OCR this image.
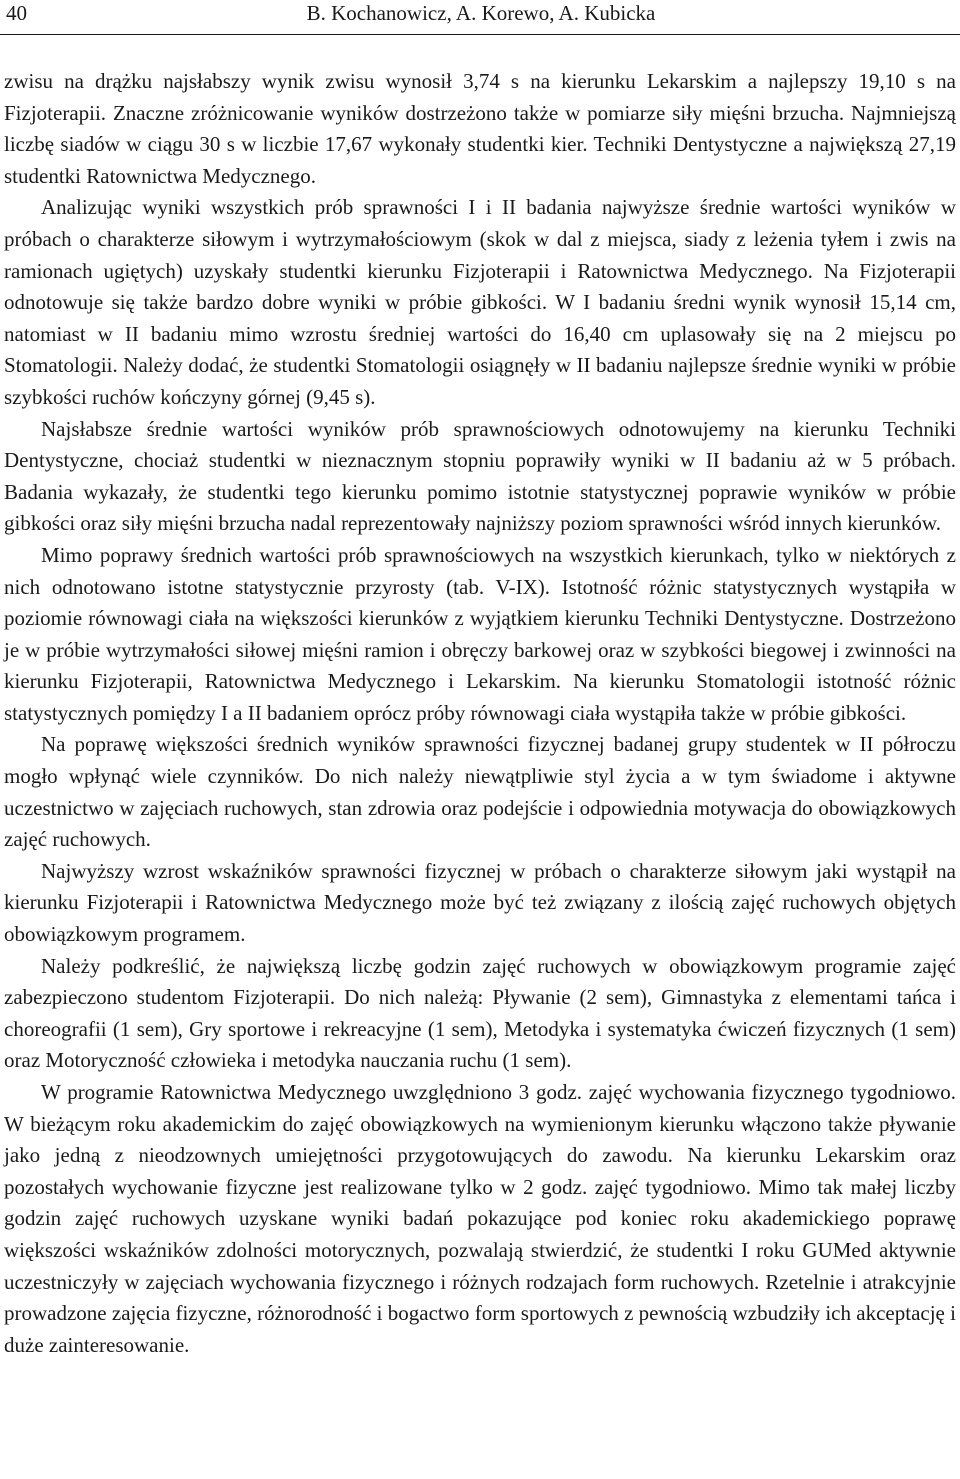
40	B. Kochanowicz, A. Korewo, A. Kubicka

zwisu na drążku najsłabszy wynik zwisu wynosił 3,74 s na kierunku Lekarskim a najlepszy 19,10 s na Fizjoterapii. Znaczne zróżnicowanie wyników dostrzeżono także w pomiarze siły mięśni brzucha. Najmniejszą liczbę siadów w ciągu 30 s w liczbie 17,67 wykonały studentki kier. Techniki Dentystyczne a największą 27,19 studentki Ratownictwa Medycznego.

Analizując wyniki wszystkich prób sprawności I i II badania najwyższe średnie wartości wyników w próbach o charakterze siłowym i wytrzymałościowym (skok w dal z miejsca, siady z leżenia tyłem i zwis na ramionach ugiętych) uzyskały studentki kierunku Fizjoterapii i Ratownictwa Medycznego. Na Fizjoterapii odnotowuje się także bardzo dobre wyniki w próbie gibkości. W I badaniu średni wynik wynosił 15,14 cm, natomiast w II badaniu mimo wzrostu średniej wartości do 16,40 cm uplasowały się na 2 miejscu po Stomatologii. Należy dodać, że studentki Stomatologii osiągnęły w II badaniu najlepsze średnie wyniki w próbie szybkości ruchów kończyny górnej (9,45 s).

Najsłabsze średnie wartości wyników prób sprawnościowych odnotowujemy na kierunku Techniki Dentystyczne, chociaż studentki w nieznacznym stopniu poprawiły wyniki w II badaniu aż w 5 próbach. Badania wykazały, że studentki tego kierunku pomimo istotnie statystycznej poprawie wyników w próbie gibkości oraz siły mięśni brzucha nadal reprezentowały najniższy poziom sprawności wśród innych kierunków.

Mimo poprawy średnich wartości prób sprawnościowych na wszystkich kierunkach, tylko w niektórych z nich odnotowano istotne statystycznie przyrosty (tab. V-IX). Istotność różnic statystycznych wystąpiła w poziomie równowagi ciała na większości kierunków z wyjątkiem kierunku Techniki Dentystyczne. Dostrzeżono je w próbie wytrzymałości siłowej mięśni ramion i obręczy barkowej oraz w szybkości biegowej i zwinności na kierunku Fizjoterapii, Ratownictwa Medycznego i Lekarskim. Na kierunku Stomatologii istotność różnic statystycznych pomiędzy I a II badaniem oprócz próby równowagi ciała wystąpiła także w próbie gibkości.

Na poprawę większości średnich wyników sprawności fizycznej badanej grupy studentek w II półroczu mogło wpłynąć wiele czynników. Do nich należy niewątpliwie styl życia a w tym świadome i aktywne uczestnictwo w zajęciach ruchowych, stan zdrowia oraz podejście i odpowiednia motywacja do obowiązkowych zajęć ruchowych.

Najwyższy wzrost wskaźników sprawności fizycznej w próbach o charakterze siłowym jaki wystąpił na kierunku Fizjoterapii i Ratownictwa Medycznego może być też związany z ilością zajęć ruchowych objętych obowiązkowym programem.

Należy podkreślić, że największą liczbę godzin zajęć ruchowych w obowiązkowym programie zajęć zabezpieczono studentom Fizjoterapii. Do nich należą: Pływanie (2 sem), Gimnastyka z elementami tańca i choreografii (1 sem), Gry sportowe i rekreacyjne (1 sem), Metodyka i systematyka ćwiczeń fizycznych (1 sem) oraz Motoryczność człowieka i metodyka nauczania ruchu (1 sem).

W programie Ratownictwa Medycznego uwzględniono 3 godz. zajęć wychowania fizycznego tygodniowo. W bieżącym roku akademickim do zajęć obowiązkowych na wymienionym kierunku włączono także pływanie jako jedną z nieodzownych umiejętności przygotowujących do zawodu. Na kierunku Lekarskim oraz pozostałych wychowanie fizyczne jest realizowane tylko w 2 godz. zajęć tygodniowo. Mimo tak małej liczby godzin zajęć ruchowych uzyskane wyniki badań pokazujące pod koniec roku akademickiego poprawę większości wskaźników zdolności motorycznych, pozwalają stwierdzić, że studentki I roku GUMed aktywnie uczestniczyły w zajęciach wychowania fizycznego i różnych rodzajach form ruchowych. Rzetelnie i atrakcyjnie prowadzone zajęcia fizyczne, różnorodność i bogactwo form sportowych z pewnością wzbudziły ich akceptację i duże zainteresowanie.
